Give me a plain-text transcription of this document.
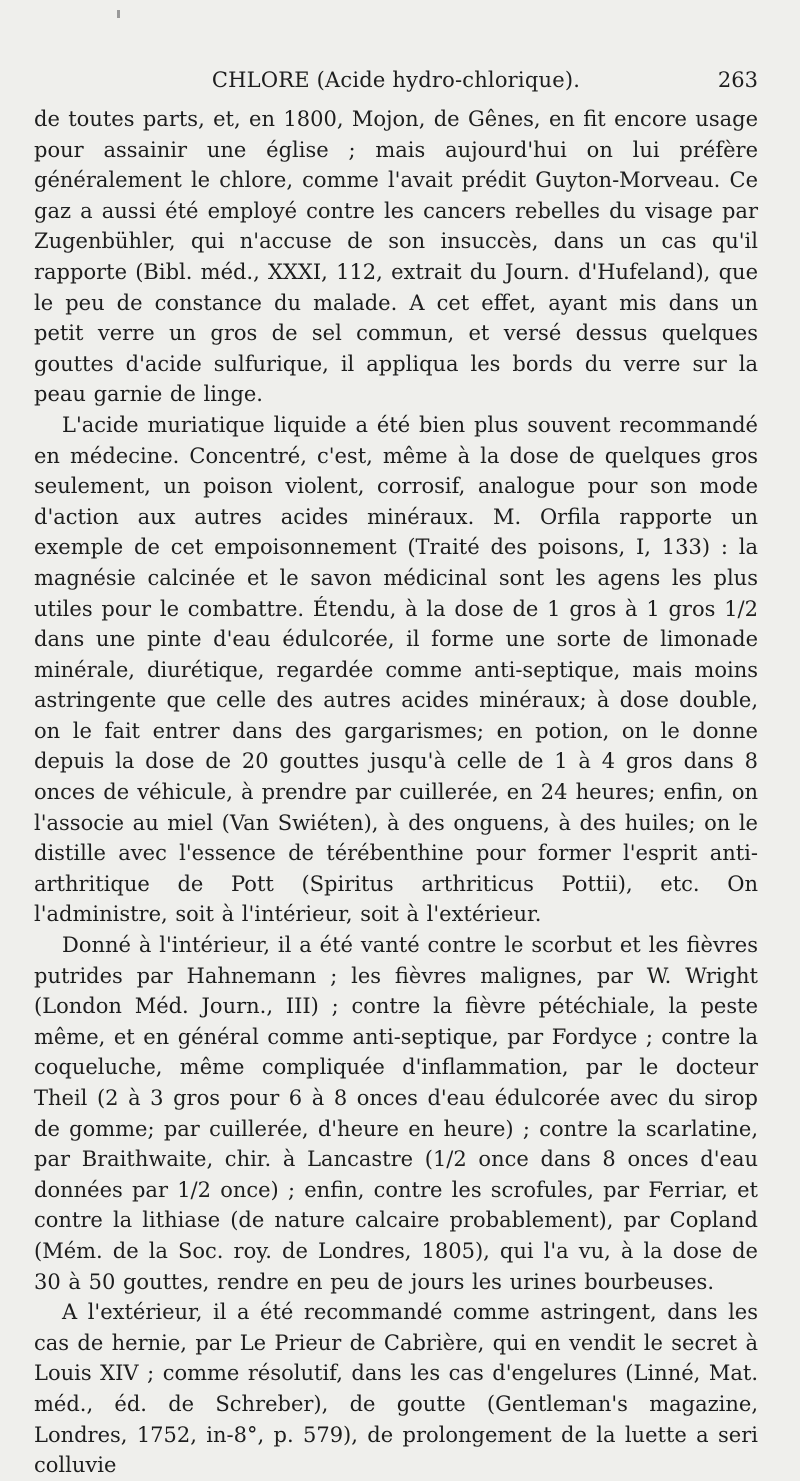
CHLORE (Acide hydro-chlorique).	263

de toutes parts, et, en 1800, Mojon, de Gênes, en fit encore usage pour assainir une église ; mais aujourd'hui on lui préfère généralement le chlore, comme l'avait prédit Guyton-Morveau. Ce gaz a aussi été employé contre les cancers rebelles du visage par Zugenbühler, qui n'accuse de son insuccès, dans un cas qu'il rapporte (Bibl. méd., XXXI, 112, extrait du Journ. d'Hufeland), que le peu de constance du malade. A cet effet, ayant mis dans un petit verre un gros de sel commun, et versé dessus quelques gouttes d'acide sulfurique, il appliqua les bords du verre sur la peau garnie de linge.

L'acide muriatique liquide a été bien plus souvent recommandé en médecine. Concentré, c'est, même à la dose de quelques gros seulement, un poison violent, corrosif, analogue pour son mode d'action aux autres acides minéraux. M. Orfila rapporte un exemple de cet empoisonnement (Traité des poisons, I, 133) : la magnésie calcinée et le savon médicinal sont les agens les plus utiles pour le combattre. Étendu, à la dose de 1 gros à 1 gros 1/2 dans une pinte d'eau édulcorée, il forme une sorte de limonade minérale, diurétique, regardée comme anti-septique, mais moins astringente que celle des autres acides minéraux; à dose double, on le fait entrer dans des gargarismes; en potion, on le donne depuis la dose de 20 gouttes jusqu'à celle de 1 à 4 gros dans 8 onces de véhicule, à prendre par cuillerée, en 24 heures; enfin, on l'associe au miel (Van Swiéten), à des onguens, à des huiles; on le distille avec l'essence de térébenthine pour former l'esprit anti-arthritique de Pott (Spiritus arthriticus Pottii), etc. On l'administre, soit à l'intérieur, soit à l'extérieur.

Donné à l'intérieur, il a été vanté contre le scorbut et les fièvres putrides par Hahnemann ; les fièvres malignes, par W. Wright (London Méd. Journ., III) ; contre la fièvre pétéchiale, la peste même, et en général comme anti-septique, par Fordyce ; contre la coqueluche, même compliquée d'inflammation, par le docteur Theil (2 à 3 gros pour 6 à 8 onces d'eau édulcorée avec du sirop de gomme; par cuillerée, d'heure en heure) ; contre la scarlatine, par Braithwaite, chir. à Lancastre (1/2 once dans 8 onces d'eau données par 1/2 once) ; enfin, contre les scrofules, par Ferriar, et contre la lithiase (de nature calcaire probablement), par Copland (Mém. de la Soc. roy. de Londres, 1805), qui l'a vu, à la dose de 30 à 50 gouttes, rendre en peu de jours les urines bourbeuses.

A l'extérieur, il a été recommandé comme astringent, dans les cas de hernie, par Le Prieur de Cabrière, qui en vendit le secret à Louis XIV ; comme résolutif, dans les cas d'engelures (Linné, Mat. méd., éd. de Schreber), de goutte (Gentleman's magazine, Londres, 1752, in-8°, p. 579), de prolongement de la luette a seri colluvie
